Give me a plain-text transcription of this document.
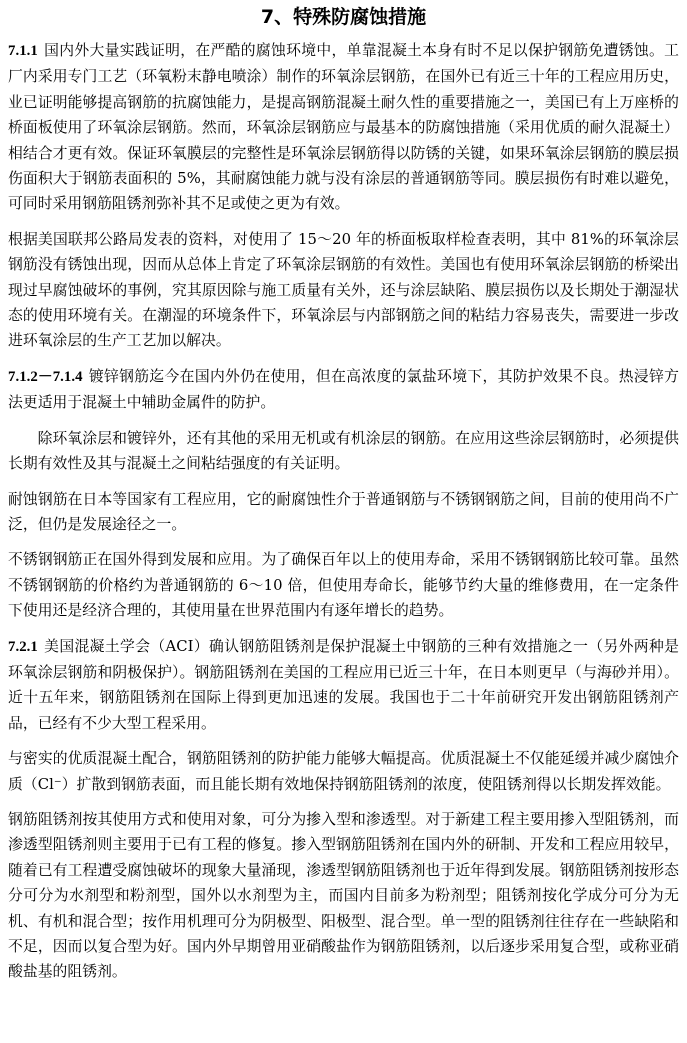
7、特殊防腐蚀措施

7.1.1 国内外大量实践证明，在严酷的腐蚀环境中，单靠混凝土本身有时不足以保护钢筋免遭锈蚀。工厂内采用专门工艺（环氧粉末静电喷涂）制作的环氧涂层钢筋，在国外已有近三十年的工程应用历史，业已证明能够提高钢筋的抗腐蚀能力，是提高钢筋混凝土耐久性的重要措施之一，美国已有上万座桥的桥面板使用了环氧涂层钢筋。然而，环氧涂层钢筋应与最基本的防腐蚀措施（采用优质的耐久混凝土）相结合才更有效。保证环氧膜层的完整性是环氧涂层钢筋得以防锈的关键，如果环氧涂层钢筋的膜层损伤面积大于钢筋表面积的 5%，其耐腐蚀能力就与没有涂层的普通钢筋等同。膜层损伤有时难以避免，可同时采用钢筋阻锈剂弥补其不足或使之更为有效。

根据美国联邦公路局发表的资料，对使用了 15～20 年的桥面板取样检查表明，其中 81%的环氧涂层钢筋没有锈蚀出现，因而从总体上肯定了环氧涂层钢筋的有效性。美国也有使用环氧涂层钢筋的桥梁出现过早腐蚀破坏的事例，究其原因除与施工质量有关外，还与涂层缺陷、膜层损伤以及长期处于潮湿状态的使用环境有关。在潮湿的环境条件下，环氧涂层与内部钢筋之间的粘结力容易丧失，需要进一步改进环氧涂层的生产工艺加以解决。

7.1.2－7.1.4 镀锌钢筋迄今在国内外仍在使用，但在高浓度的氯盐环境下，其防护效果不良。热浸锌方法更适用于混凝土中辅助金属件的防护。

除环氧涂层和镀锌外，还有其他的采用无机或有机涂层的钢筋。在应用这些涂层钢筋时，必须提供长期有效性及其与混凝土之间粘结强度的有关证明。

耐蚀钢筋在日本等国家有工程应用，它的耐腐蚀性介于普通钢筋与不锈钢钢筋之间，目前的使用尚不广泛，但仍是发展途径之一。

不锈钢钢筋正在国外得到发展和应用。为了确保百年以上的使用寿命，采用不锈钢钢筋比较可靠。虽然不锈钢钢筋的价格约为普通钢筋的 6～10 倍，但使用寿命长，能够节约大量的维修费用，在一定条件下使用还是经济合理的，其使用量在世界范围内有逐年增长的趋势。

7.2.1 美国混凝土学会（ACI）确认钢筋阻锈剂是保护混凝土中钢筋的三种有效措施之一（另外两种是环氧涂层钢筋和阴极保护）。钢筋阻锈剂在美国的工程应用已近三十年，在日本则更早（与海砂并用）。近十五年来，钢筋阻锈剂在国际上得到更加迅速的发展。我国也于二十年前研究开发出钢筋阻锈剂产品，已经有不少大型工程采用。

与密实的优质混凝土配合，钢筋阻锈剂的防护能力能够大幅提高。优质混凝土不仅能延缓并减少腐蚀介质（Cl⁻）扩散到钢筋表面，而且能长期有效地保持钢筋阻锈剂的浓度，使阻锈剂得以长期发挥效能。

钢筋阻锈剂按其使用方式和使用对象，可分为掺入型和渗透型。对于新建工程主要用掺入型阻锈剂，而渗透型阻锈剂则主要用于已有工程的修复。掺入型钢筋阻锈剂在国内外的研制、开发和工程应用较早，随着已有工程遭受腐蚀破坏的现象大量涌现，渗透型钢筋阻锈剂也于近年得到发展。钢筋阻锈剂按形态分可分为水剂型和粉剂型，国外以水剂型为主，而国内目前多为粉剂型；阻锈剂按化学成分可分为无机、有机和混合型；按作用机理可分为阴极型、阳极型、混合型。单一型的阻锈剂往往存在一些缺陷和不足，因而以复合型为好。国内外早期曾用亚硝酸盐作为钢筋阻锈剂，以后逐步采用复合型，或称亚硝酸盐基的阻锈剂。
